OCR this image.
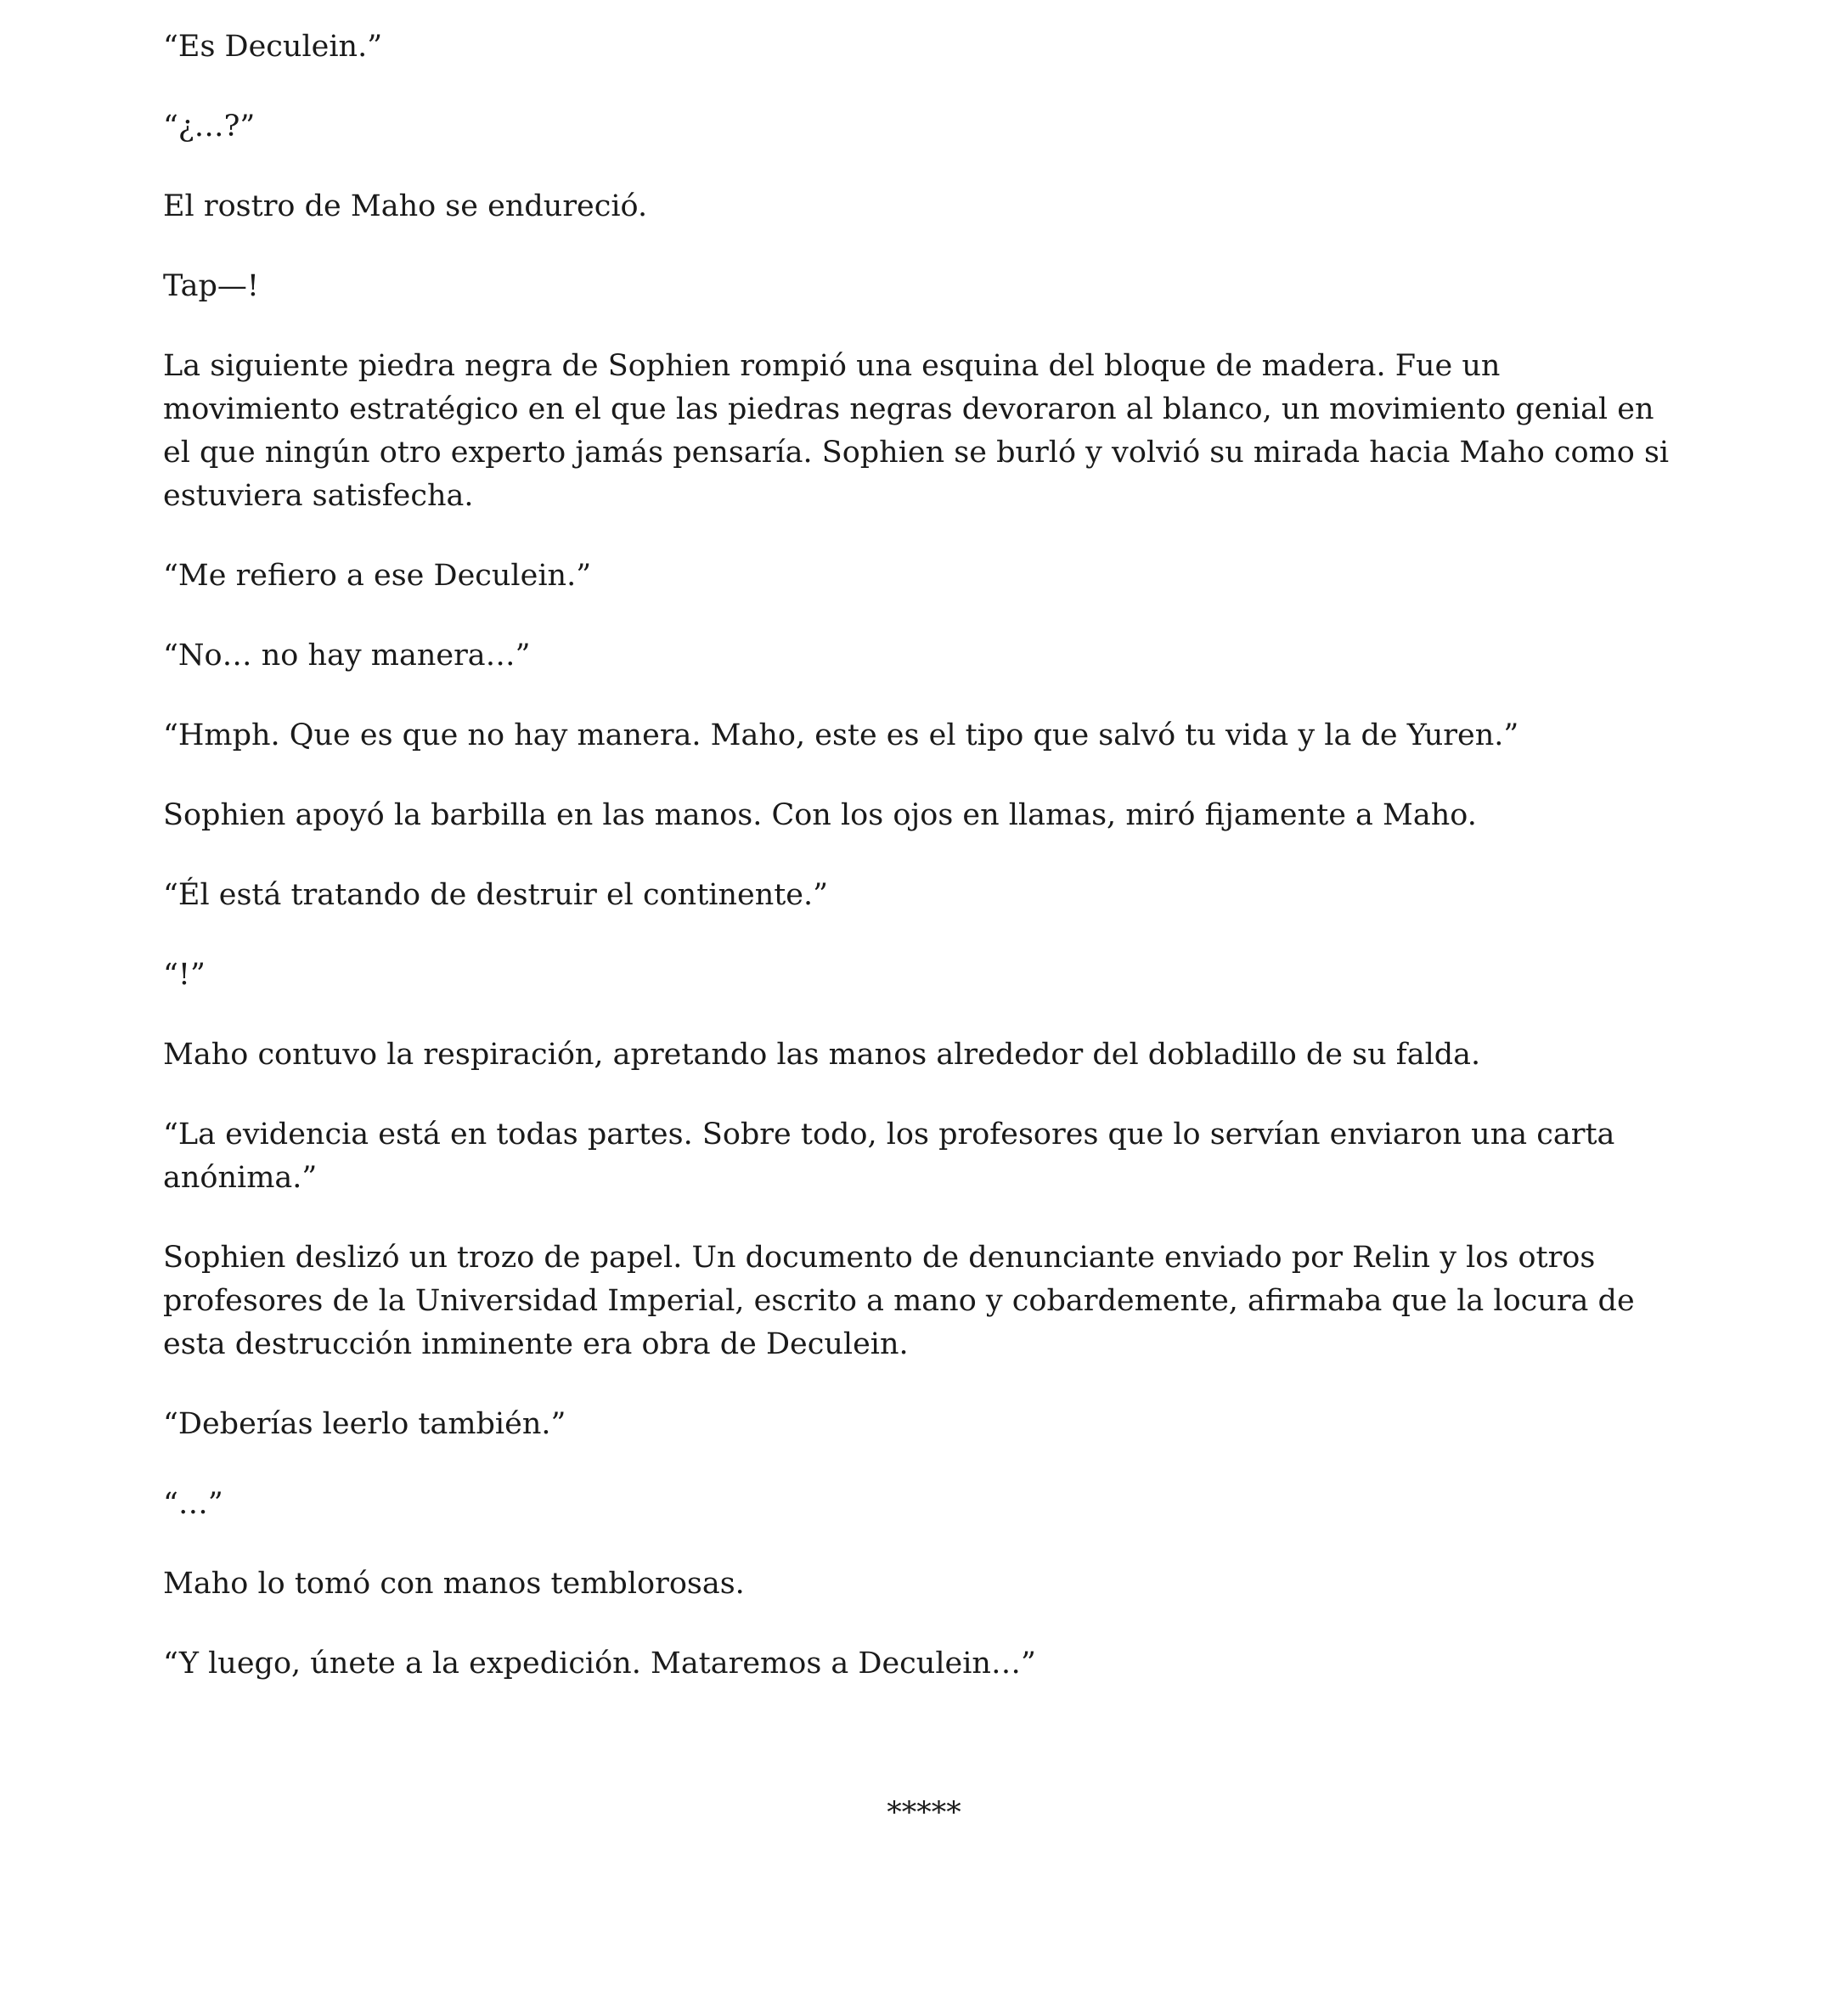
“Es Deculein.”

“¿…?”

El rostro de Maho se endureció.

Tap—!

La siguiente piedra negra de Sophien rompió una esquina del bloque de madera. Fue un movimiento estratégico en el que las piedras negras devoraron al blanco, un movimiento genial en el que ningún otro experto jamás pensaría. Sophien se burló y volvió su mirada hacia Maho como si estuviera satisfecha.

“Me refiero a ese Deculein.”

“No… no hay manera…”

“Hmph. Que es que no hay manera. Maho, este es el tipo que salvó tu vida y la de Yuren.”

Sophien apoyó la barbilla en las manos. Con los ojos en llamas, miró fijamente a Maho.

“Él está tratando de destruir el continente.”

“!”

Maho contuvo la respiración, apretando las manos alrededor del dobladillo de su falda.

“La evidencia está en todas partes. Sobre todo, los profesores que lo servían enviaron una carta anónima.”

Sophien deslizó un trozo de papel. Un documento de denunciante enviado por Relin y los otros profesores de la Universidad Imperial, escrito a mano y cobardemente, afirmaba que la locura de esta destrucción inminente era obra de Deculein.

“Deberías leerlo también.”

“…”

Maho lo tomó con manos temblorosas.

“Y luego, únete a la expedición. Mataremos a Deculein…”

*****
